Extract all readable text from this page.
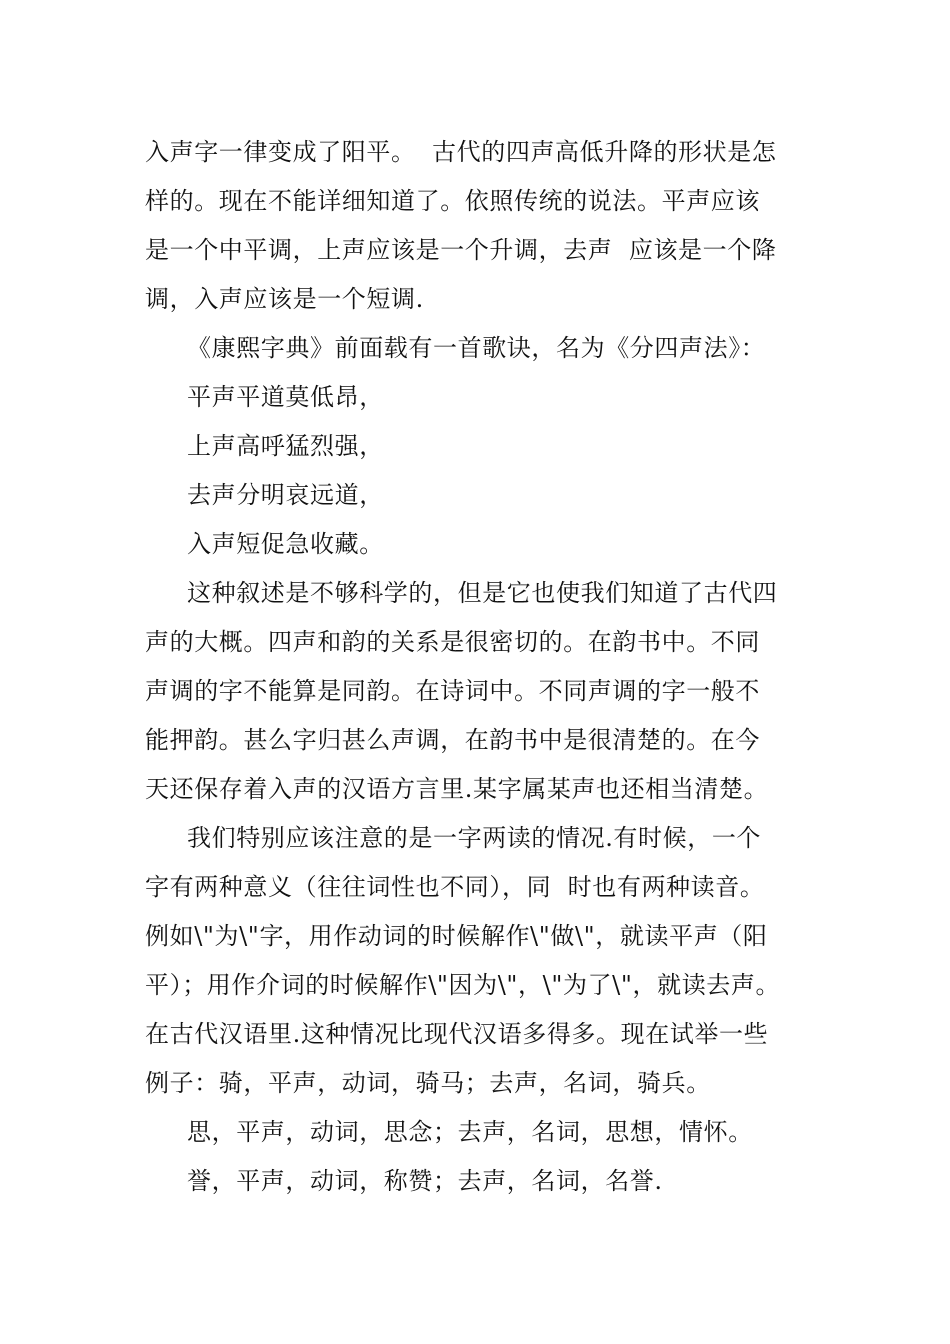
入声字一律变成了阳平。  古代的四声高低升降的形状是怎
样的。现在不能详细知道了。依照传统的说法。平声应该
是一个中平调，上声应该是一个升调，去声  应该是一个降
调，入声应该是一个短调.
《康熙字典》前面载有一首歌诀，名为《分四声法》：
平声平道莫低昂，
上声高呼猛烈强，
去声分明哀远道，
入声短促急收藏。
这种叙述是不够科学的，但是它也使我们知道了古代四
声的大概。四声和韵的关系是很密切的。在韵书中。不同
声调的字不能算是同韵。在诗词中。不同声调的字一般不
能押韵。甚么字归甚么声调，在韵书中是很清楚的。在今
天还保存着入声的汉语方言里.某字属某声也还相当清楚。
我们特别应该注意的是一字两读的情况.有时候，一个
字有两种意义（往往词性也不同），同  时也有两种读音。
例如\"为\"字，用作动词的时候解作\"做\"，就读平声（阳
平）；用作介词的时候解作\"因为\"，\"为了\"，就读去声。
在古代汉语里.这种情况比现代汉语多得多。现在试举一些
例子：骑，平声，动词，骑马；去声，名词，骑兵。
思，平声，动词，思念；去声，名词，思想，情怀。
誉，平声，动词，称赞；去声，名词，名誉.
